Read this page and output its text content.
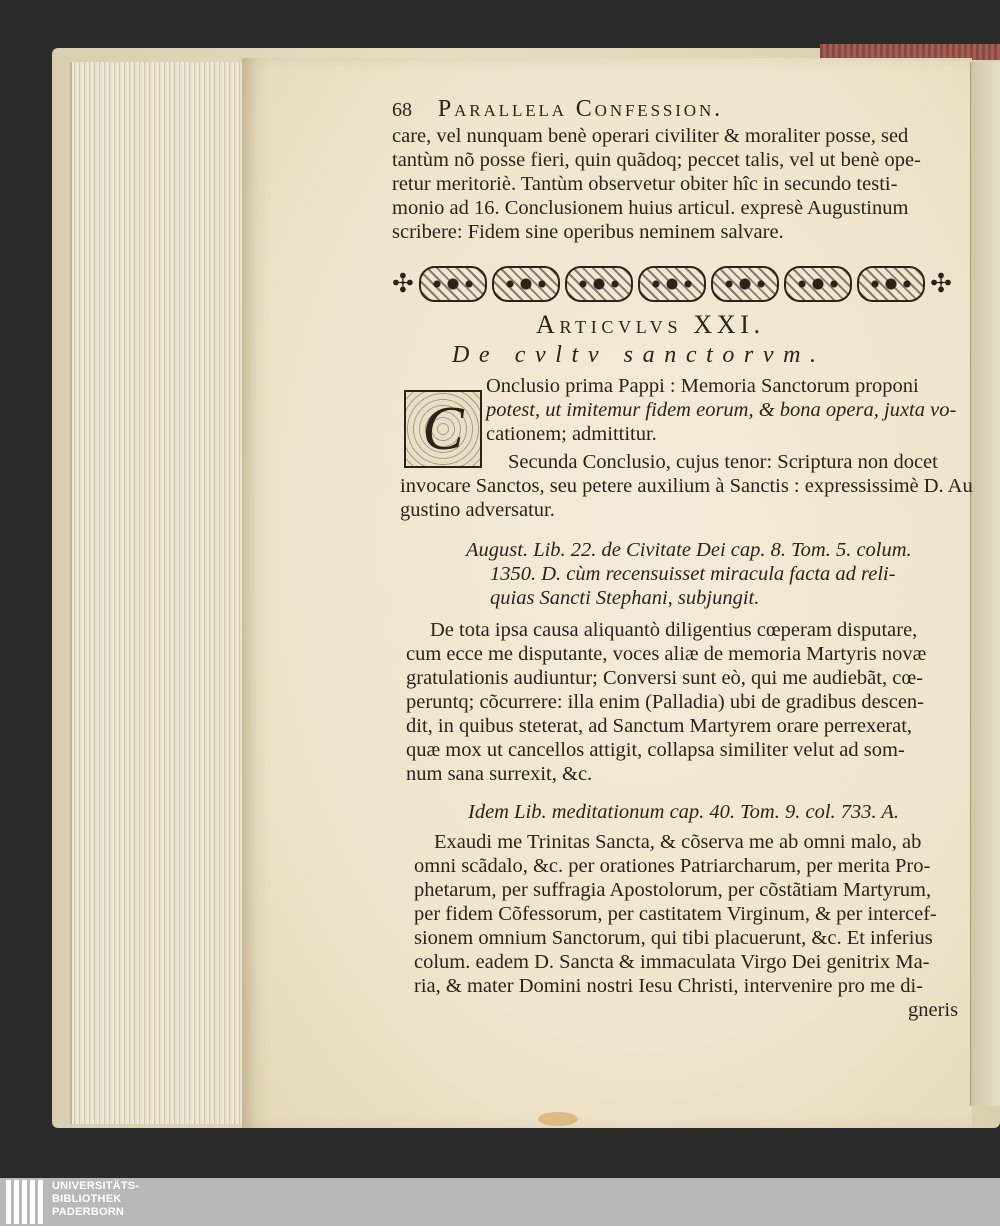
68 Parallela Confession.
care, vel nunquam benè operari civiliter & moraliter posse, sed
tantùm nõ posse fieri, quin quãdoq; peccet talis, vel ut benè ope-
retur meritoriè. Tantùm observetur obiter hîc in secundo testi-
monio ad 16. Conclusionem huius articul. expresè Augustinum
scribere: Fidem sine operibus neminem salvare.
✣	✣
Articvlvs XXI.
De cvltv sanctorvm.
C
Onclusio prima Pappi : Memoria Sanctorum proponi
potest, ut imitemur fidem eorum, & bona opera, juxta vo-
cationem; admittitur.
Secunda Conclusio, cujus tenor: Scriptura non docet
invocare Sanctos, seu petere auxilium à Sanctis : expressissimè D. Au
gustino adversatur.
August. Lib. 22. de Civitate Dei cap. 8. Tom. 5. colum.
1350. D. cùm recensuisset miracula facta ad reli-
quias Sancti Stephani, subjungit.
De tota ipsa causa aliquantò diligentius cœperam disputare,
cum ecce me disputante, voces aliæ de memoria Martyris novæ
gratulationis audiuntur; Conversi sunt eò, qui me audiebãt, cœ-
peruntq; cõcurrere: illa enim (Palladia) ubi de gradibus descen-
dit, in quibus steterat, ad Sanctum Martyrem orare perrexerat,
quæ mox ut cancellos attigit, collapsa similiter velut ad som-
num sana surrexit, &c.
Idem Lib. meditationum cap. 40. Tom. 9. col. 733. A.
Exaudi me Trinitas Sancta, & cõserva me ab omni malo, ab
omni scãdalo, &c. per orationes Patriarcharum, per merita Pro-
phetarum, per suffragia Apostolorum, per cõstãtiam Martyrum,
per fidem Cõfessorum, per castitatem Virginum, & per intercef-
sionem omnium Sanctorum, qui tibi placuerunt, &c. Et inferius
colum. eadem D. Sancta & immaculata Virgo Dei genitrix Ma-
ria, & mater Domini nostri Iesu Christi, intervenire pro me di-
gneris
UNIVERSITÄTS-
BIBLIOTHEK
PADERBORN
